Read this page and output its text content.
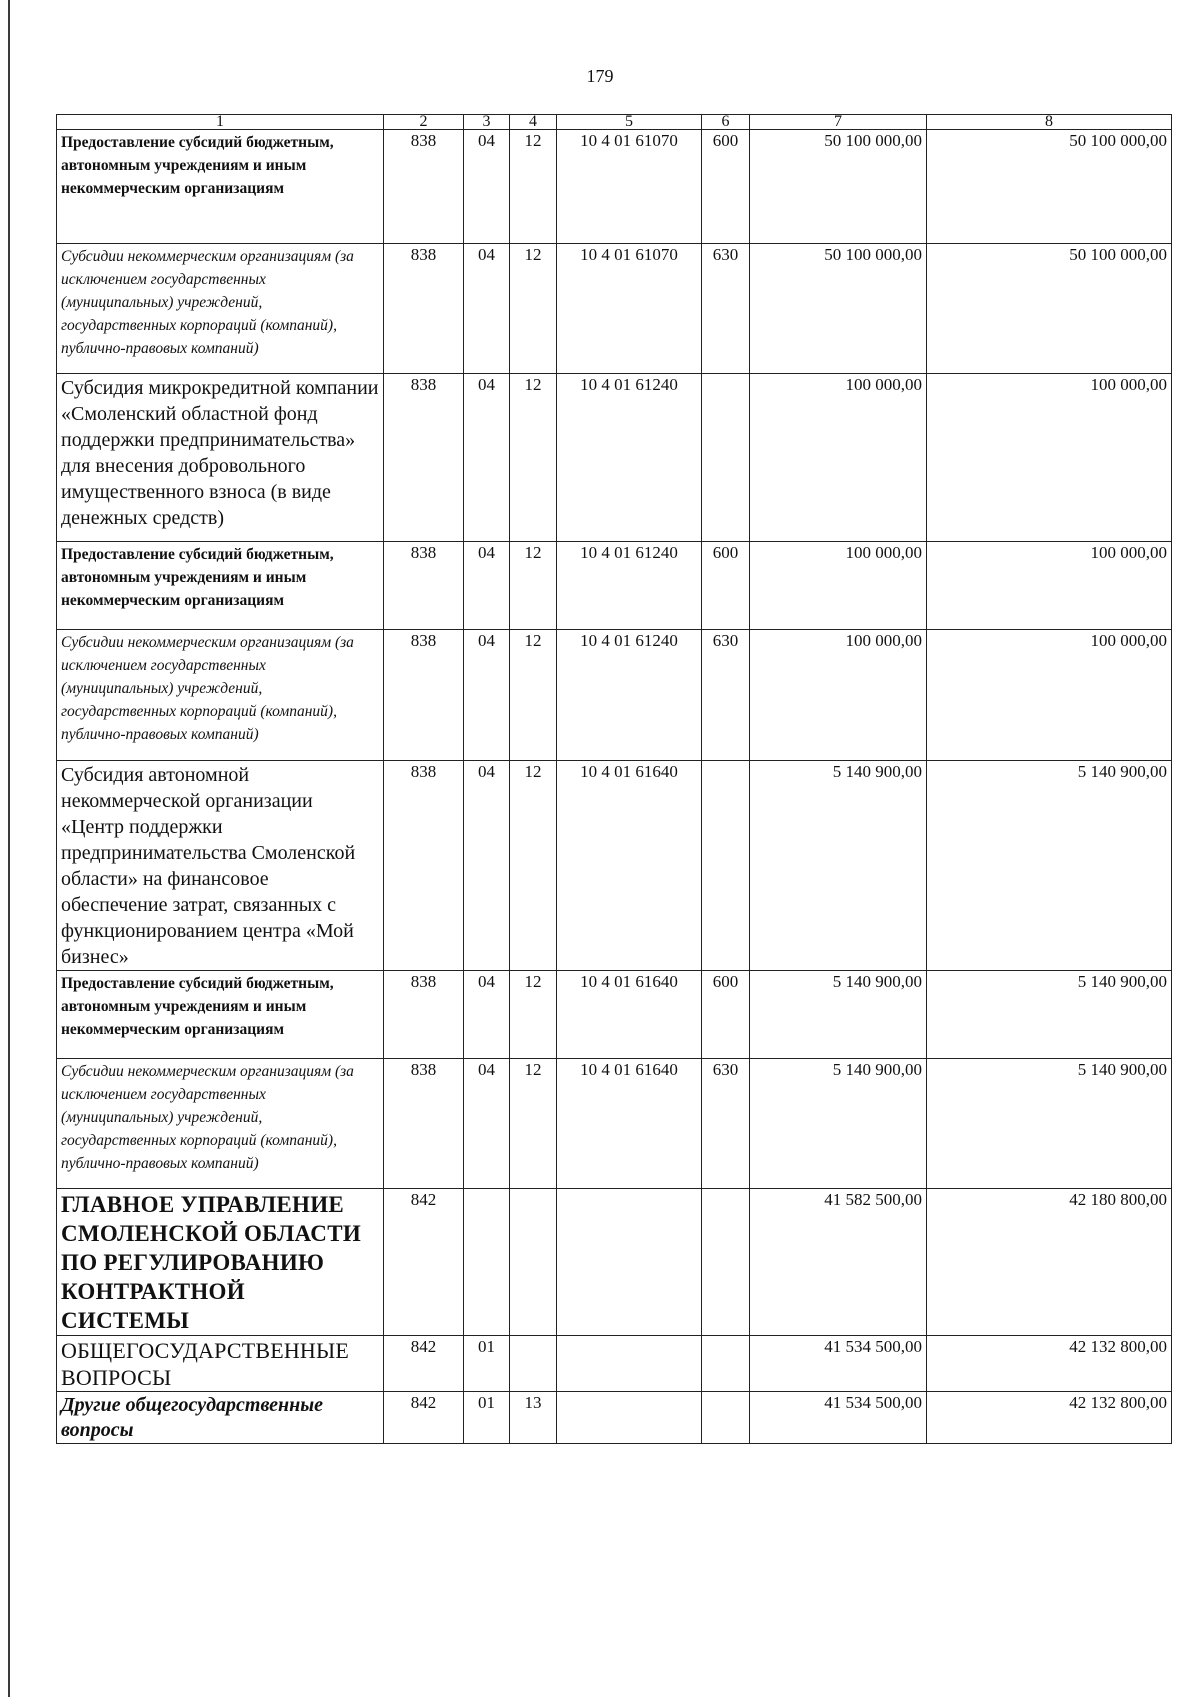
179
1	2	3	4	5	6	7	8
Предоставление субсидий бюджетным, автономным учреждениям и иным некоммерческим организациям	838	04	12	10 4 01 61070	600	50 100 000,00	50 100 000,00
Субсидии некоммерческим организациям (за исключением государственных (муниципальных) учреждений, государственных корпораций (компаний), публично-правовых компаний)	838	04	12	10 4 01 61070	630	50 100 000,00	50 100 000,00
Субсидия микрокредитной компании «Смоленский областной фонд поддержки предпринимательства» для внесения добровольного имущественного взноса (в виде денежных средств)	838	04	12	10 4 01 61240		100 000,00	100 000,00
Предоставление субсидий бюджетным, автономным учреждениям и иным некоммерческим организациям	838	04	12	10 4 01 61240	600	100 000,00	100 000,00
Субсидии некоммерческим организациям (за исключением государственных (муниципальных) учреждений, государственных корпораций (компаний), публично-правовых компаний)	838	04	12	10 4 01 61240	630	100 000,00	100 000,00
Субсидия автономной некоммерческой организации «Центр поддержки предпринимательства Смоленской области» на финансовое обеспечение затрат, связанных с функционированием центра «Мой бизнес»	838	04	12	10 4 01 61640		5 140 900,00	5 140 900,00
Предоставление субсидий бюджетным, автономным учреждениям и иным некоммерческим организациям	838	04	12	10 4 01 61640	600	5 140 900,00	5 140 900,00
Субсидии некоммерческим организациям (за исключением государственных (муниципальных) учреждений, государственных корпораций (компаний), публично-правовых компаний)	838	04	12	10 4 01 61640	630	5 140 900,00	5 140 900,00
ГЛАВНОЕ УПРАВЛЕНИЕ СМОЛЕНСКОЙ ОБЛАСТИ ПО РЕГУЛИРОВАНИЮ КОНТРАКТНОЙ СИСТЕМЫ	842					41 582 500,00	42 180 800,00
ОБЩЕГОСУДАРСТВЕННЫЕ ВОПРОСЫ	842	01				41 534 500,00	42 132 800,00
Другие общегосударственные вопросы	842	01	13			41 534 500,00	42 132 800,00
